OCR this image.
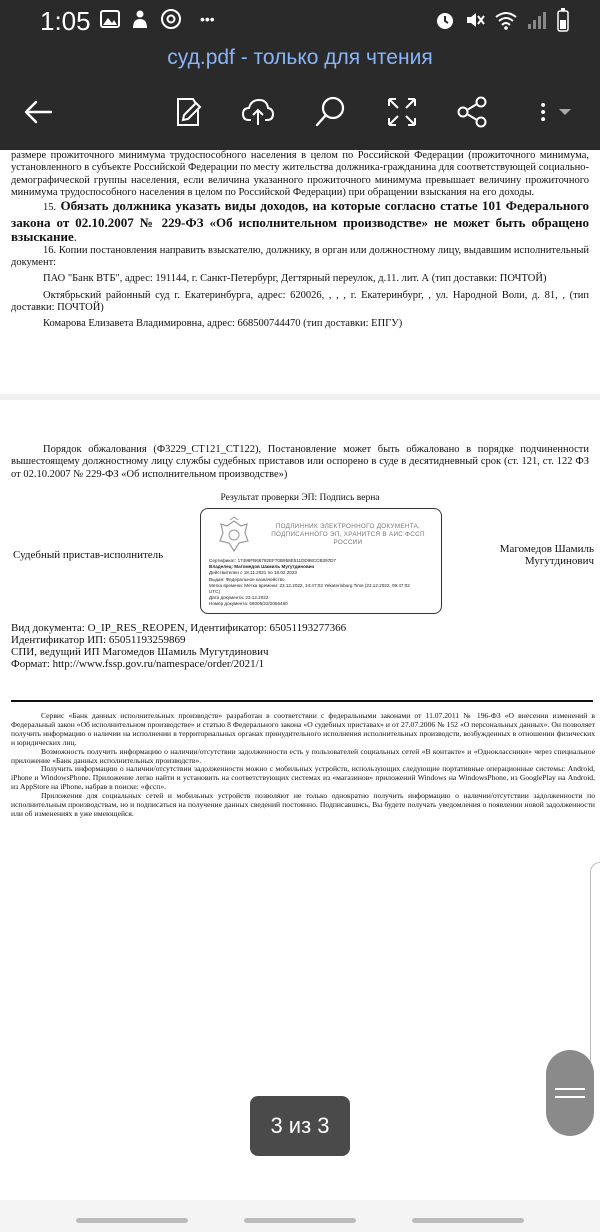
1:05	•••
суд.pdf - только для чтения

размере прожиточного минимума трудоспособного населения в целом по Российской Федерации (прожиточного минимума, установленного в субъекте Российской Федерации по месту жительства должника-гражданина для соответствующей социально-демографической группы населения, если величина указанного прожиточного минимума превышает величину прожиточного минимума трудоспособного населения в целом по Российской Федерации) при обращении взыскания на его доходы.

15. Обязать должника указать виды доходов, на которые согласно статье 101 Федерального закона от 02.10.2007 № 229-ФЗ «Об исполнительном производстве» не может быть обращено взыскание.

16. Копии постановления направить взыскателю, должнику, в орган или должностному лицу, выдавшим исполнительный документ:

ПАО "Банк ВТБ", адрес: 191144, г. Санкт-Петербург, Дегтярный переулок, д.11. лит. А (тип доставки: ПОЧТОЙ)

Октябрьский районный суд г. Екатеринбурга, адрес: 620026, , , , г. Екатеринбург, , ул. Народной Воли, д. 81, , (тип доставки: ПОЧТОЙ)

Комарова Елизавета Владимировна, адрес: 668500744470 (тип доставки: ЕПГУ)

Порядок обжалования (Ф3229_СТ121_СТ122), Постановление может быть обжаловано в порядке подчиненности вышестоящему должностному лицу службы судебных приставов или оспорено в суде в десятидневный срок (ст. 121, ст. 122 ФЗ от 02.10.2007 № 229-ФЗ «Об исполнительном производстве»)

Результат проверки ЭП: Подпись верна
Судебный пристав-исполнитель	Магомедов Шамиль
Мугутдинович
ПОДЛИННИК ЭЛЕКТРОННОГО ДОКУМЕНТА,
ПОДПИСАННОГО ЭП, ХРАНИТСЯ В АИС ФССП РОССИИ
Сертификат: 17496FB66782EF70B958E511DD98CCB397D7
Владелец: Магомедов Шамиль Мугутдинович
Действителен с 18.11.2021 по 18.02.2023
Выдан: Федеральное казначейство
Метка времени: Метка времени: 23.12.2022, 14:47:02 Yekaterinburg Time (23.12.2022, 09:47:02
UTC)
Дата документа: 23.12.2022
Номер документа: 66005/22/2056460
Вид документа: O_IP_RES_REOPEN, Идентификатор: 65051193277366
Идентификатор ИП: 65051193259869
СПИ, ведущий ИП Магомедов Шамиль Мугутдинович
Формат: http://www.fssp.gov.ru/namespace/order/2021/1

Сервис «Банк данных исполнительных производств» разработан в соответствии с федеральными законами от 11.07.2011 № 196-ФЗ «О внесении изменений в Федеральный закон «Об исполнительном производстве» и статью 8 Федерального закона «О судебных приставах» и от 27.07.2006 № 152 «О персональных данных». Он позволяет получить информацию о наличии на исполнении в территориальных органах принудительного исполнения исполнительных производств, возбужденных в отношении физических и юридических лиц.

Возможность получить информацию о наличии/отсутствии задолженности есть у пользователей социальных сетей «В контакте» и «Одноклассники» через специальное приложение «Банк данных исполнительных производств».

Получить информацию о наличии/отсутствии задолженности можно с мобильных устройств, использующих следующие портативные операционные системы: Android, iPhone и WindowsPhone. Приложение легко найти и установить на соответствующих системах из «магазинов» приложений Windows на WindowsPhone, из GooglePlay на Android, из AppStore на iPhone, набрав в поиске: «фссп».

Приложения для социальных сетей и мобильных устройств позволяют не только однократно получить информацию о наличии/отсутствии задолженности по исполнительным производствам, но и подписаться на получение данных сведений постоянно. Подписавшись, Вы будете получать уведомления о появлении новой задолженности или об изменениях в уже имеющейся.

3 из 3
